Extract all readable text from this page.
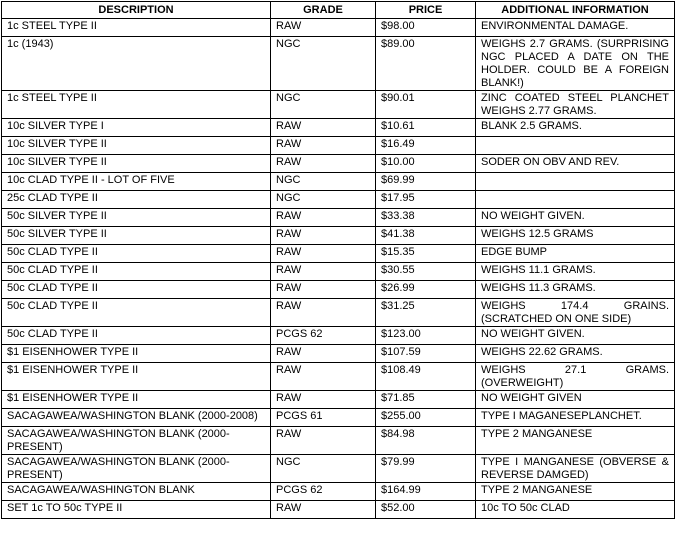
DESCRIPTION	GRADE	PRICE	ADDITIONAL INFORMATION
1c STEEL TYPE II	RAW	$98.00	ENVIRONMENTAL DAMAGE.
1c (1943)	NGC	$89.00	WEIGHS 2.7 GRAMS. (SURPRISING NGC PLACED A DATE ON THE HOLDER. COULD BE A FOREIGN BLANK!)
1c STEEL TYPE II	NGC	$90.01	ZINC COATED STEEL PLANCHET WEIGHS 2.77 GRAMS.
10c SILVER TYPE I	RAW	$10.61	BLANK 2.5 GRAMS.
10c SILVER TYPE II	RAW	$16.49	
10c SILVER TYPE II	RAW	$10.00	SODER ON OBV AND REV.
10c CLAD TYPE II - LOT OF FIVE	NGC	$69.99	
25c CLAD TYPE II	NGC	$17.95	
50c SILVER TYPE II	RAW	$33.38	NO WEIGHT GIVEN.
50c SILVER TYPE II	RAW	$41.38	WEIGHS 12.5 GRAMS
50c CLAD TYPE II	RAW	$15.35	EDGE BUMP
50c CLAD TYPE II	RAW	$30.55	WEIGHS 11.1 GRAMS.
50c CLAD TYPE II	RAW	$26.99	WEIGHS 11.3 GRAMS.
50c CLAD TYPE II	RAW	$31.25	WEIGHS 174.4 GRAINS. (SCRATCHED ON ONE SIDE)
50c CLAD TYPE II	PCGS 62	$123.00	NO WEIGHT GIVEN.
$1 EISENHOWER TYPE II	RAW	$107.59	WEIGHS 22.62 GRAMS.
$1 EISENHOWER TYPE II	RAW	$108.49	WEIGHS 27.1 GRAMS. (OVERWEIGHT)
$1 EISENHOWER TYPE II	RAW	$71.85	NO WEIGHT GIVEN
SACAGAWEA/WASHINGTON BLANK (2000-2008)	PCGS 61	$255.00	TYPE I MAGANESEPLANCHET.
SACAGAWEA/WASHINGTON BLANK (2000-PRESENT)	RAW	$84.98	TYPE 2 MANGANESE
SACAGAWEA/WASHINGTON BLANK (2000-PRESENT)	NGC	$79.99	TYPE I MANGANESE (OBVERSE & REVERSE DAMGED)
SACAGAWEA/WASHINGTON BLANK	PCGS 62	$164.99	TYPE 2 MANGANESE
SET 1c TO 50c TYPE II	RAW	$52.00	10c TO 50c CLAD
